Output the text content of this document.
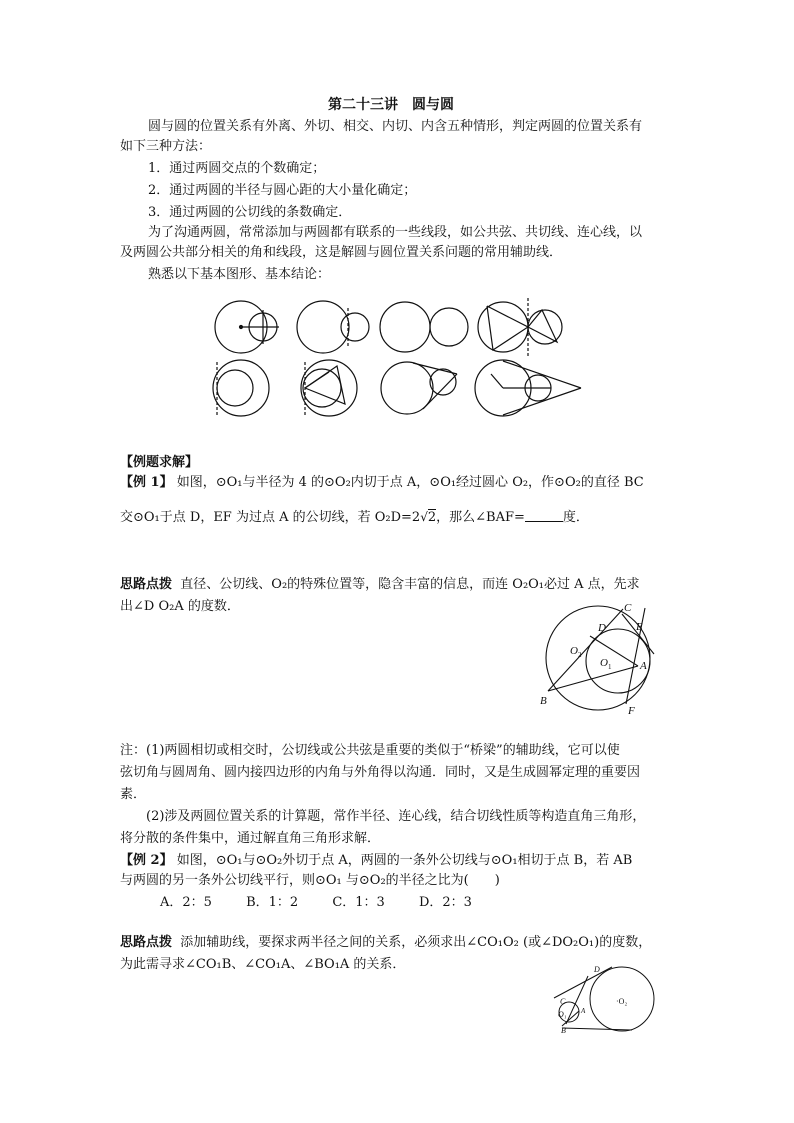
第二十三讲　圆与圆
圆与圆的位置关系有外离、外切、相交、内切、内含五种情形，判定两圆的位置关系有
如下三种方法：
1．通过两圆交点的个数确定；
2．通过两圆的半径与圆心距的大小量化确定；
3．通过两圆的公切线的条数确定．
为了沟通两圆，常常添加与两圆都有联系的一些线段，如公共弦、共切线、连心线，以
及两圆公共部分相关的角和线段，这是解圆与圆位置关系问题的常用辅助线．
熟悉以下基本图形、基本结论：
【例题求解】
【例 1】 如图，⊙O₁与半径为 4 的⊙O₂内切于点 A，⊙O₁经过圆心 O₂，作⊙O₂的直径 BC
交⊙O₁于点 D，EF 为过点 A 的公切线，若 O₂D=2√2，那么∠BAF=	度．
思路点拨 直径、公切线、O₂的特殊位置等，隐含丰富的信息，而连 O₂O₁必过 A 点，先求
出∠D O₂A 的度数．	C
D	E
O 2
O 1	A
B
F
注：(1)两圆相切或相交时，公切线或公共弦是重要的类似于“桥梁”的辅助线，它可以使
弦切角与圆周角、圆内接四边形的内角与外角得以沟通．同时，又是生成圆幂定理的重要因
素．
(2)涉及两圆位置关系的计算题，常作半径、连心线，结合切线性质等构造直角三角形，
将分散的条件集中，通过解直角三角形求解．
【例 2】 如图，⊙O₁与⊙O₂外切于点 A，两圆的一条外公切线与⊙O₁相切于点 B，若 AB
与两圆的另一条外公切线平行，则⊙O₁ 与⊙O₂的半径之比为(　　)
A．2：5	B．1：2	C．1：3	D．2：3
思路点拨 添加辅助线，要探求两半径之间的关系，必须求出∠CO₁O₂ (或∠DO₂O₁)的度数，
为此需寻求∠CO₁B、∠CO₁A、∠BO₁A 的关系．	D
·O₂
C
O₁ A
B
